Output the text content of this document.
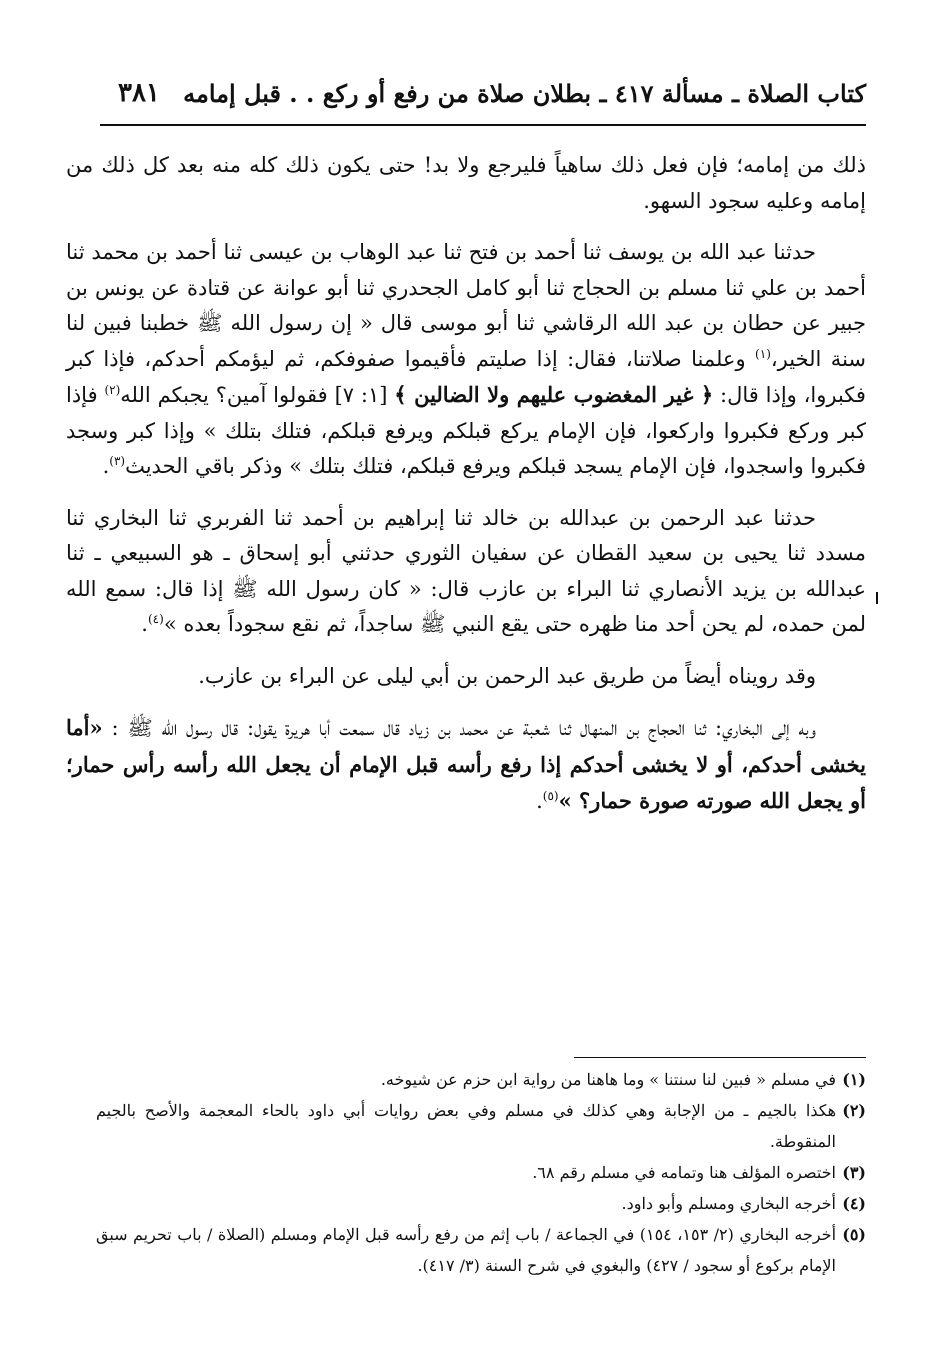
كتاب الصلاة ـ مسألة ٤١٧ ـ بطلان صلاة من رفع أو ركع . . قبل إمامه
٣٨١

ذلك من إمامه؛ فإن فعل ذلك ساهياً فليرجع ولا بد! حتى يكون ذلك كله منه بعد كل ذلك من إمامه وعليه سجود السهو.

حدثنا عبد الله بن يوسف ثنا أحمد بن فتح ثنا عبد الوهاب بن عيسى ثنا أحمد بن محمد ثنا أحمد بن علي ثنا مسلم بن الحجاج ثنا أبو كامل الجحدري ثنا أبو عوانة عن قتادة عن يونس بن جبير عن حطان بن عبد الله الرقاشي ثنا أبو موسى قال « إن رسول الله ﷺ خطبنا فبين لنا سنة الخير،$^{(١)}$ وعلمنا صلاتنا، فقال: إذا صليتم فأقيموا صفوفكم، ثم ليؤمكم أحدكم، فإذا كبر فكبروا، وإذا قال: ﴿ غير المغضوب عليهم ولا الضالين ﴾ [١: ٧] فقولوا آمين؟ يجبكم الله$^{(٢)}$ فإذا كبر وركع فكبروا واركعوا، فإن الإمام يركع قبلكم ويرفع قبلكم، فتلك بتلك » وإذا كبر وسجد فكبروا واسجدوا، فإن الإمام يسجد قبلكم ويرفع قبلكم، فتلك بتلك » وذكر باقي الحديث$^{(٣)}$.

حدثنا عبد الرحمن بن عبدالله بن خالد ثنا إبراهيم بن أحمد ثنا الفربري ثنا البخاري ثنا مسدد ثنا يحيى بن سعيد القطان عن سفيان الثوري حدثني أبو إسحاق ـ هو السبيعي ـ ثنا عبدالله بن يزيد الأنصاري ثنا البراء بن عازب قال: « كان رسول الله ﷺ إذا قال: سمع الله لمن حمده، لم يحن أحد منا ظهره حتى يقع النبي ﷺ ساجداً، ثم نقع سجوداً بعده »$^{(٤)}$.

وقد رويناه أيضاً من طريق عبد الرحمن بن أبي ليلى عن البراء بن عازب.

وبه إلى البخاري: ثنا الحجاج بن المنهال ثنا شعبة عن محمد بن زياد قال سمعت أبا هريرة يقول: قال رسول الله ﷺ : «أما يخشى أحدكم، أو لا يخشى أحدكم إذا رفع رأسه قبل الإمام أن يجعل الله رأسه رأس حمار؛ أو يجعل الله صورته صورة حمار؟ »$^{(٥)}$.

(١)
في مسلم « فبين لنا سنتنا » وما هاهنا من رواية ابن حزم عن شيوخه.
(٢)
هكذا بالجيم ـ من الإجابة وهي كذلك في مسلم وفي بعض روايات أبي داود بالحاء المعجمة والأصح بالجيم المنقوطة.
(٣)
اختصره المؤلف هنا وتمامه في مسلم رقم ٦٨.
(٤)
أخرجه البخاري ومسلم وأبو داود.
(٥)
أخرجه البخاري (٢/ ١٥٣، ١٥٤) في الجماعة / باب إثم من رفع رأسه قبل الإمام ومسلم (الصلاة / باب تحريم سبق الإمام بركوع أو سجود / ٤٢٧) والبغوي في شرح السنة (٣/ ٤١٧).
